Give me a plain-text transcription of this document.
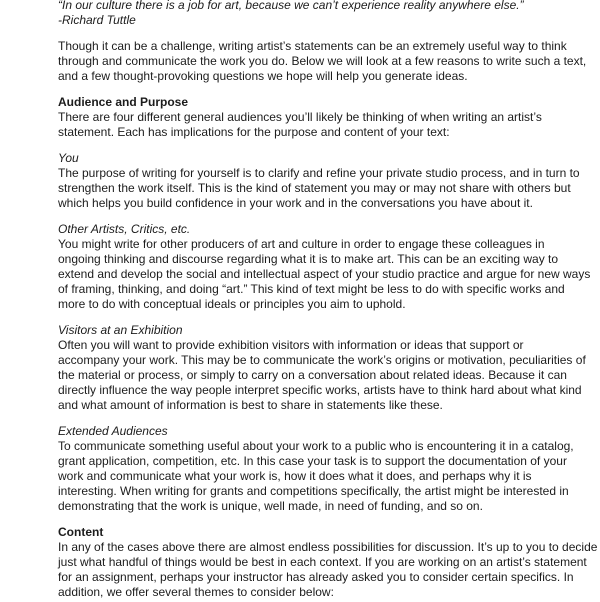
“In our culture there is a job for art, because we can’t experience reality anywhere else.”

-Richard Tuttle

Though it can be a challenge, writing artist’s statements can be an extremely useful way to think

through and communicate the work you do. Below we will look at a few reasons to write such a text,

and a few thought-provoking questions we hope will help you generate ideas.

Audience and Purpose

There are four different general audiences you’ll likely be thinking of when writing an artist’s

statement. Each has implications for the purpose and content of your text:

You

The purpose of writing for yourself is to clarify and refine your private studio process, and in turn to

strengthen the work itself. This is the kind of statement you may or may not share with others but

which helps you build confidence in your work and in the conversations you have about it.

Other Artists, Critics, etc.

You might write for other producers of art and culture in order to engage these colleagues in

ongoing thinking and discourse regarding what it is to make art. This can be an exciting way to

extend and develop the social and intellectual aspect of your studio practice and argue for new ways

of framing, thinking, and doing “art.” This kind of text might be less to do with specific works and

more to do with conceptual ideals or principles you aim to uphold.

Visitors at an Exhibition

Often you will want to provide exhibition visitors with information or ideas that support or

accompany your work. This may be to communicate the work’s origins or motivation, peculiarities of

the material or process, or simply to carry on a conversation about related ideas. Because it can

directly influence the way people interpret specific works, artists have to think hard about what kind

and what amount of information is best to share in statements like these.

Extended Audiences

To communicate something useful about your work to a public who is encountering it in a catalog,

grant application, competition, etc. In this case your task is to support the documentation of your

work and communicate what your work is, how it does what it does, and perhaps why it is

interesting. When writing for grants and competitions specifically, the artist might be interested in

demonstrating that the work is unique, well made, in need of funding, and so on.

Content

In any of the cases above there are almost endless possibilities for discussion. It’s up to you to decide

just what handful of things would be best in each context. If you are working on an artist’s statement

for an assignment, perhaps your instructor has already asked you to consider certain specifics. In

addition, we offer several themes to consider below:
